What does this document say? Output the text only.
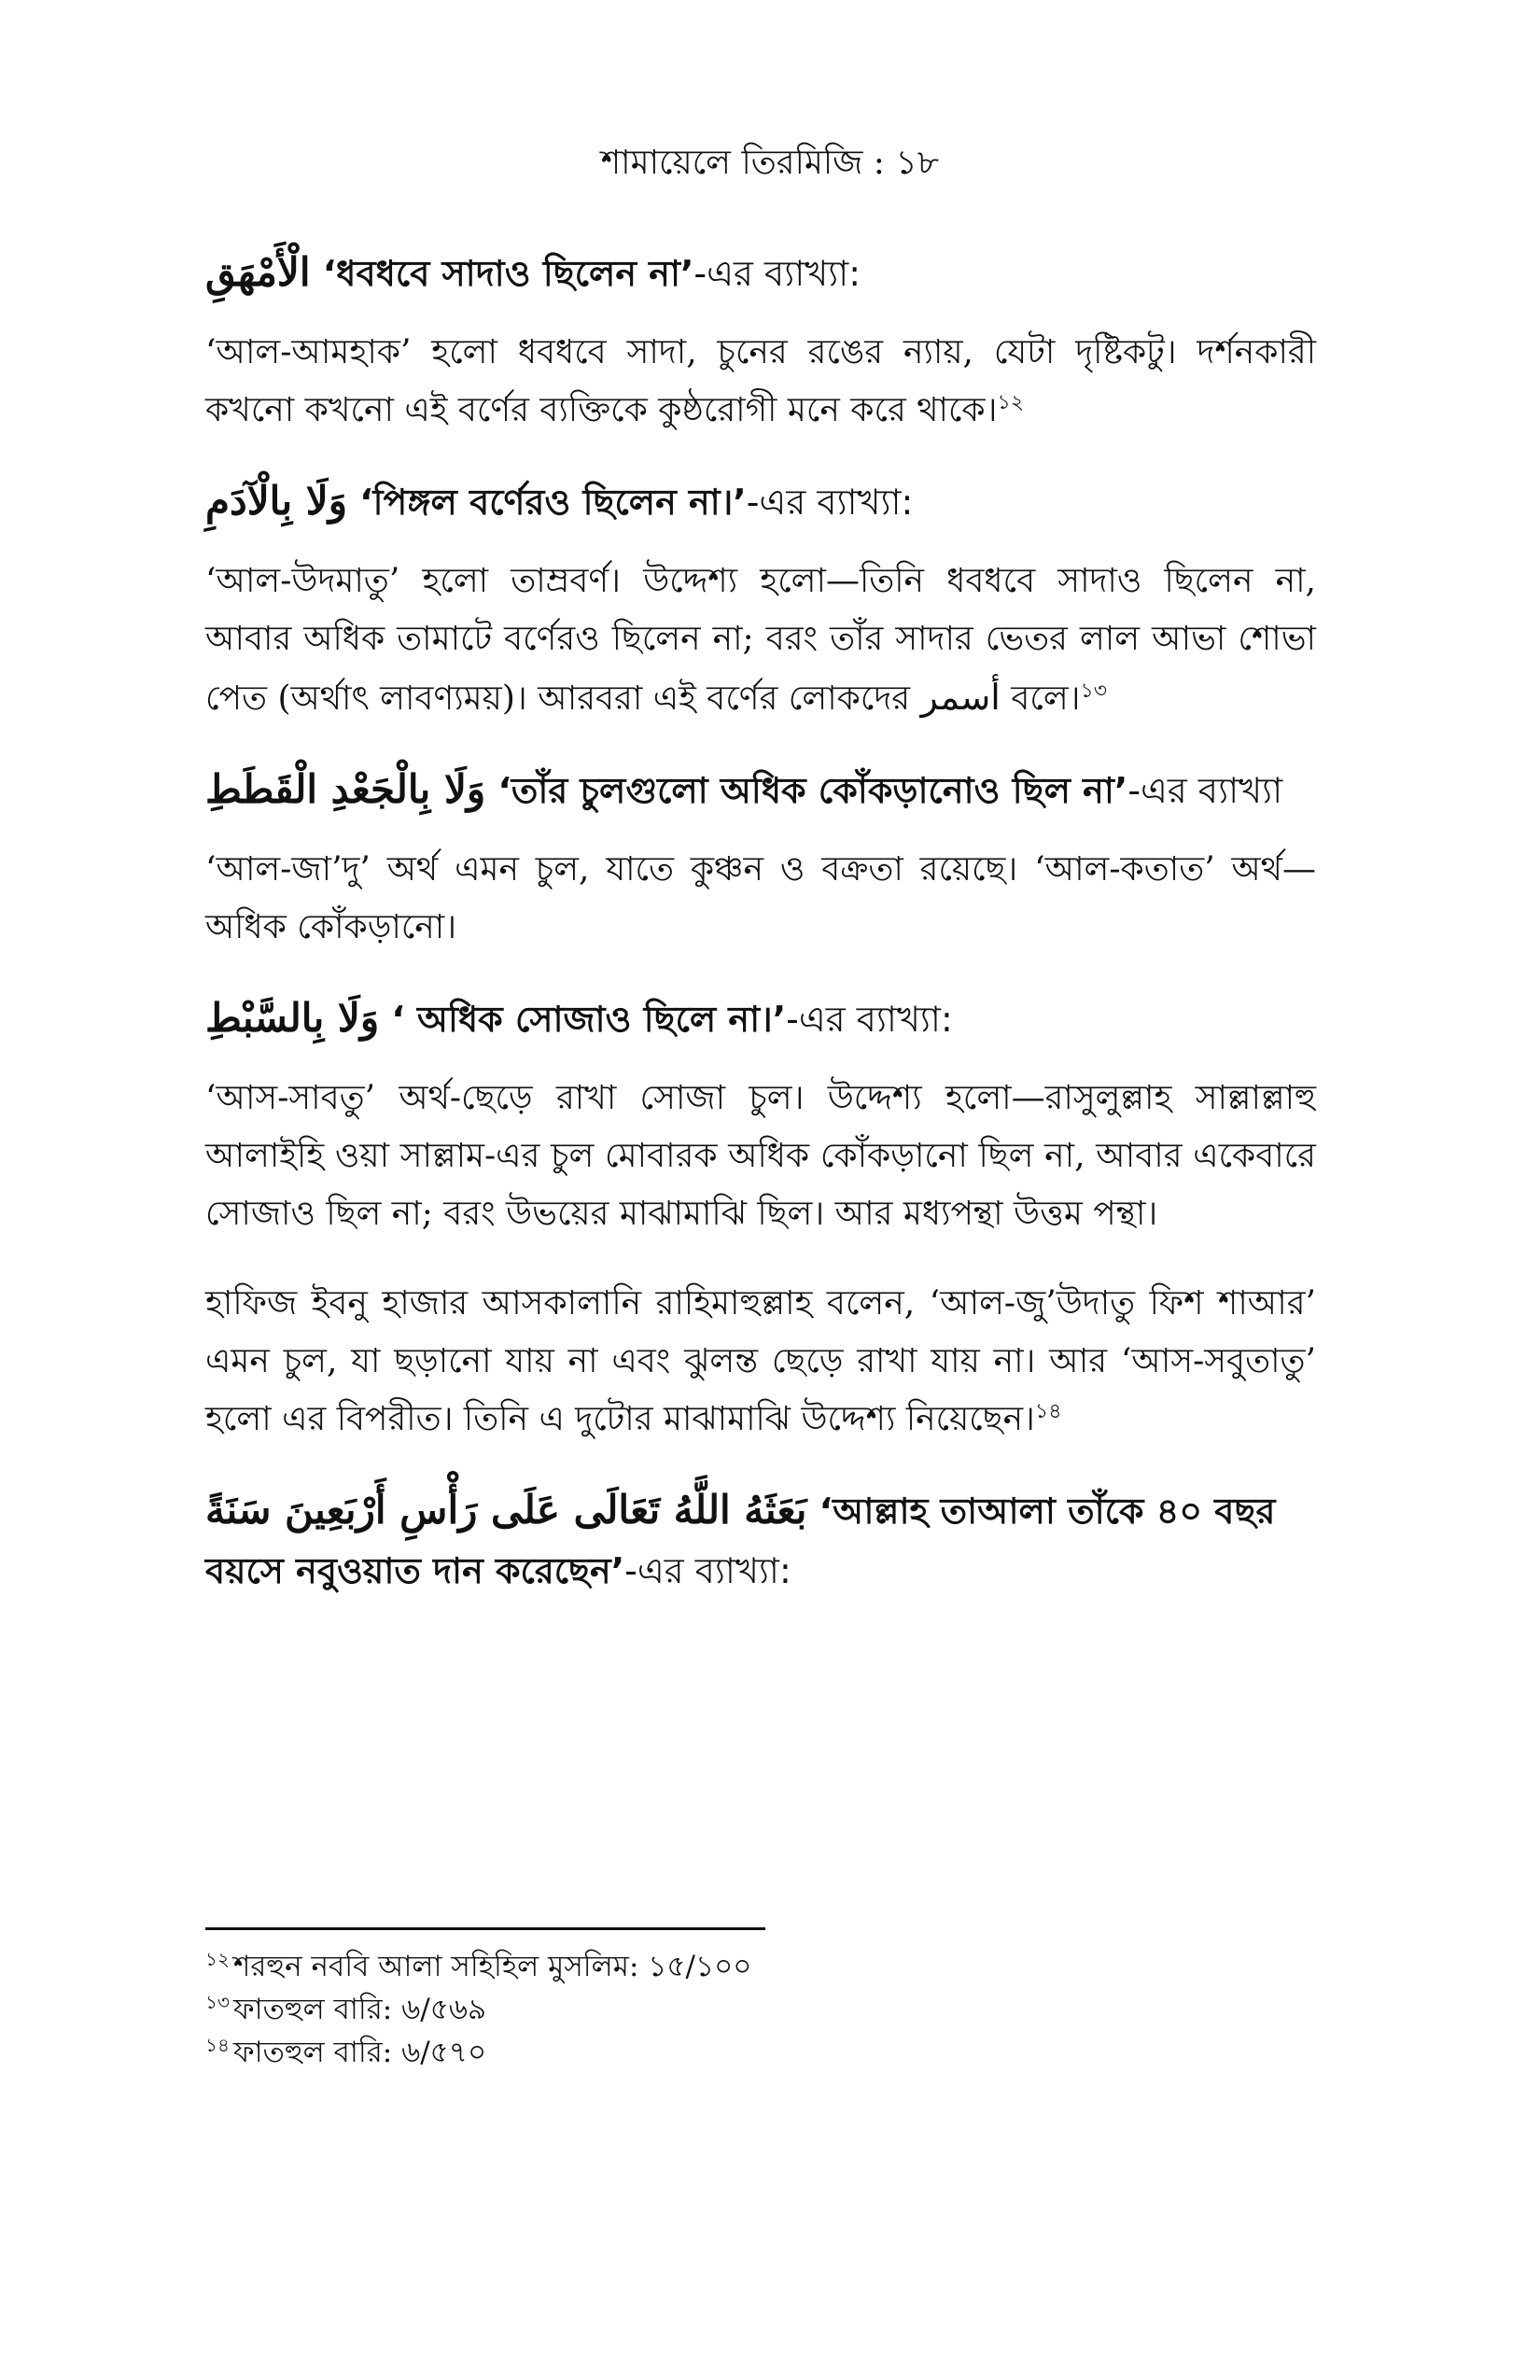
শামায়েলে তিরমিজি : ১৮
الْأَمْهَقِ ‘ধবধবে সাদাও ছিলেন না’-এর ব্যাখ্যা:

‘আল-আমহাক’ হলো ধবধবে সাদা, চুনের রঙের ন্যায়, যেটা দৃষ্টিকটু। দর্শনকারী কখনো কখনো এই বর্ণের ব্যক্তিকে কুষ্ঠরোগী মনে করে থাকে।$^{১২}$

وَلَا بِالْآدَمِ ‘পিঙ্গল বর্ণেরও ছিলেন না।’-এর ব্যাখ্যা:

‘আল-উদমাতু’ হলো তাম্রবর্ণ। উদ্দেশ্য হলো—তিনি ধবধবে সাদাও ছিলেন না, আবার অধিক তামাটে বর্ণেরও ছিলেন না; বরং তাঁর সাদার ভেতর লাল আভা শোভা পেত (অর্থাৎ লাবণ্যময়)। আরবরা এই বর্ণের লোকদের أسمر বলে।$^{১৩}$

وَلَا بِالْجَعْدِ الْقَطَطِ ‘তাঁর চুলগুলো অধিক কোঁকড়ানোও ছিল না’-এর ব্যাখ্যা

‘আল-জা’দু’ অর্থ এমন চুল, যাতে কুঞ্চন ও বক্রতা রয়েছে। ‘আল-কতাত’ অর্থ—অধিক কোঁকড়ানো।

وَلَا بِالسَّبْطِ ‘ অধিক সোজাও ছিলে না।’-এর ব্যাখ্যা:

‘আস-সাবতু’ অর্থ-ছেড়ে রাখা সোজা চুল। উদ্দেশ্য হলো—রাসুলুল্লাহ সাল্লাল্লাহু আলাইহি ওয়া সাল্লাম-এর চুল মোবারক অধিক কোঁকড়ানো ছিল না, আবার একেবারে সোজাও ছিল না; বরং উভয়ের মাঝামাঝি ছিল। আর মধ্যপন্থা উত্তম পন্থা।

হাফিজ ইবনু হাজার আসকালানি রাহিমাহুল্লাহ বলেন, ‘আল-জু’উদাতু ফিশ শাআর’ এমন চুল, যা ছড়ানো যায় না এবং ঝুলন্ত ছেড়ে রাখা যায় না। আর ‘আস-সবুতাতু’ হলো এর বিপরীত। তিনি এ দুটোর মাঝামাঝি উদ্দেশ্য নিয়েছেন।$^{১৪}$

بَعَثَهُ اللَّهُ تَعَالَى عَلَى رَأْسِ أَرْبَعِينَ سَنَةً ‘আল্লাহ তাআলা তাঁকে ৪০ বছর বয়সে নবুওয়াত দান করেছেন’-এর ব্যাখ্যা:

$^{১২}$ শরহুন নববি আলা সহিহিল মুসলিম: ১৫/১০০

$^{১৩}$ ফাতহুল বারি: ৬/৫৬৯

$^{১৪}$ ফাতহুল বারি: ৬/৫৭০
